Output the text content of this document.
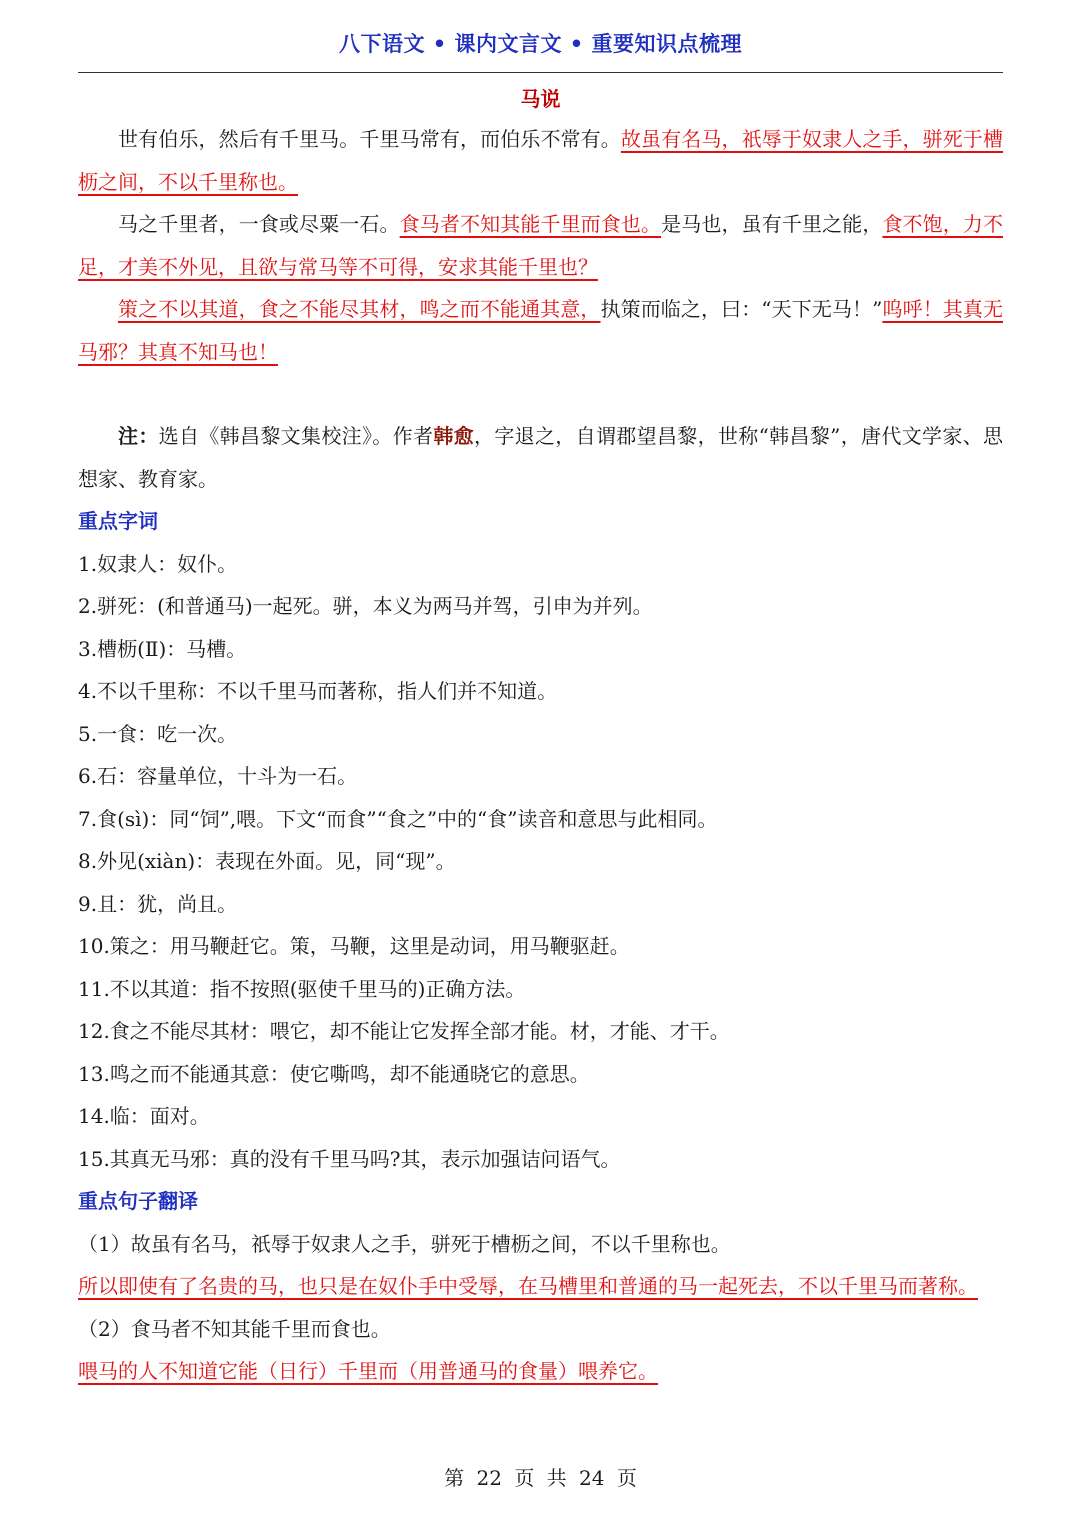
八下语文 • 课内文言文 • 重要知识点梳理
马说

世有伯乐，然后有千里马。千里马常有，而伯乐不常有。故虽有名马，祇辱于奴隶人之手，骈死于槽枥之间，不以千里称也。

马之千里者，一食或尽粟一石。食马者不知其能千里而食也。是马也，虽有千里之能，食不饱，力不足，才美不外见，且欲与常马等不可得，安求其能千里也？

策之不以其道，食之不能尽其材，鸣之而不能通其意，执策而临之，曰：“天下无马！”呜呼！其真无马邪？其真不知马也！

注：选自《韩昌黎文集校注》。作者韩愈，字退之，自谓郡望昌黎，世称“韩昌黎”，唐代文学家、思想家、教育家。

重点字词

1.奴隶人：奴仆。

2.骈死：(和普通马)一起死。骈，本义为两马并驾，引申为并列。

3.槽枥(Ⅱ)：马槽。

4.不以千里称：不以千里马而著称，指人们并不知道。

5.一食：吃一次。

6.石：容量单位，十斗为一石。

7.食(sì)：同“饲”,喂。下文“而食”“食之”中的“食”读音和意思与此相同。

8.外见(xiàn)：表现在外面。见，同“现”。

9.且：犹，尚且。

10.策之：用马鞭赶它。策，马鞭，这里是动词，用马鞭驱赶。

11.不以其道：指不按照(驱使千里马的)正确方法。

12.食之不能尽其材：喂它，却不能让它发挥全部才能。材，才能、才干。

13.鸣之而不能通其意：使它嘶鸣，却不能通晓它的意思。

14.临：面对。

15.其真无马邪：真的没有千里马吗?其，表示加强诘问语气。

重点句子翻译

（1）故虽有名马，祇辱于奴隶人之手，骈死于槽枥之间，不以千里称也。

所以即使有了名贵的马，也只是在奴仆手中受辱，在马槽里和普通的马一起死去，不以千里马而著称。

（2）食马者不知其能千里而食也。

喂马的人不知道它能（日行）千里而（用普通马的食量）喂养它。

第 22 页 共 24 页
